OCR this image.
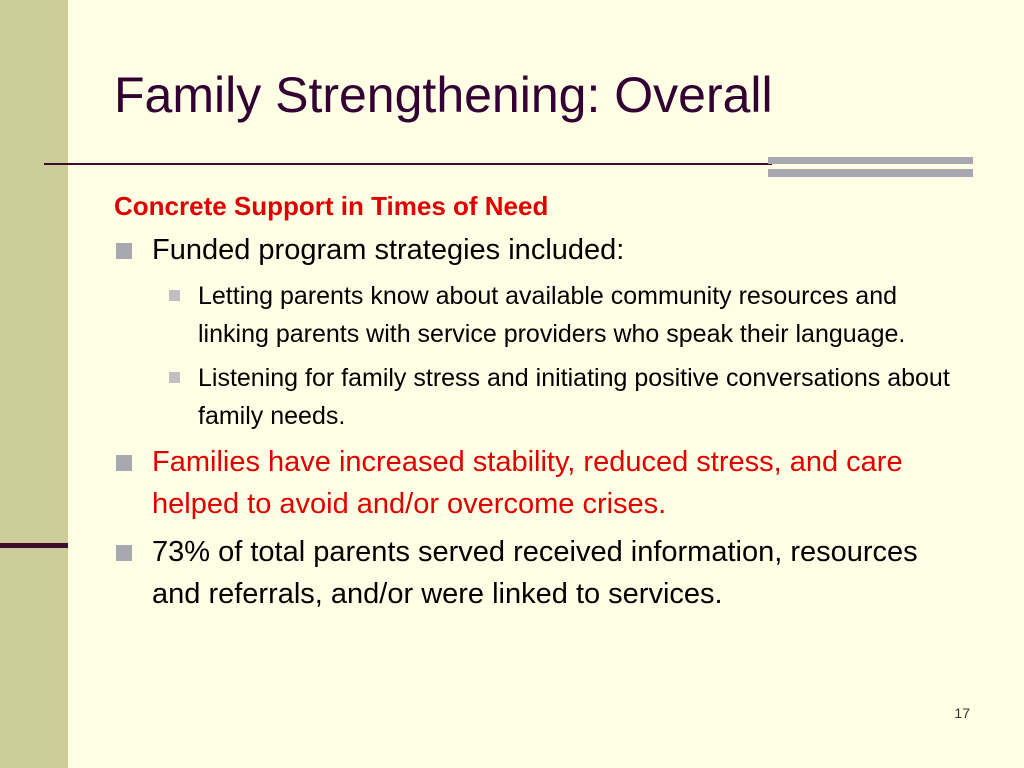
Family Strengthening: Overall
Concrete Support in Times of Need
Funded program strategies included:
Letting parents know about available community resources and linking parents with service providers who speak their language.
Listening for family stress and initiating positive conversations about family needs.
Families have increased stability, reduced stress, and care helped to avoid and/or overcome crises.
73% of total parents served received information, resources and referrals, and/or were linked to services.
17
